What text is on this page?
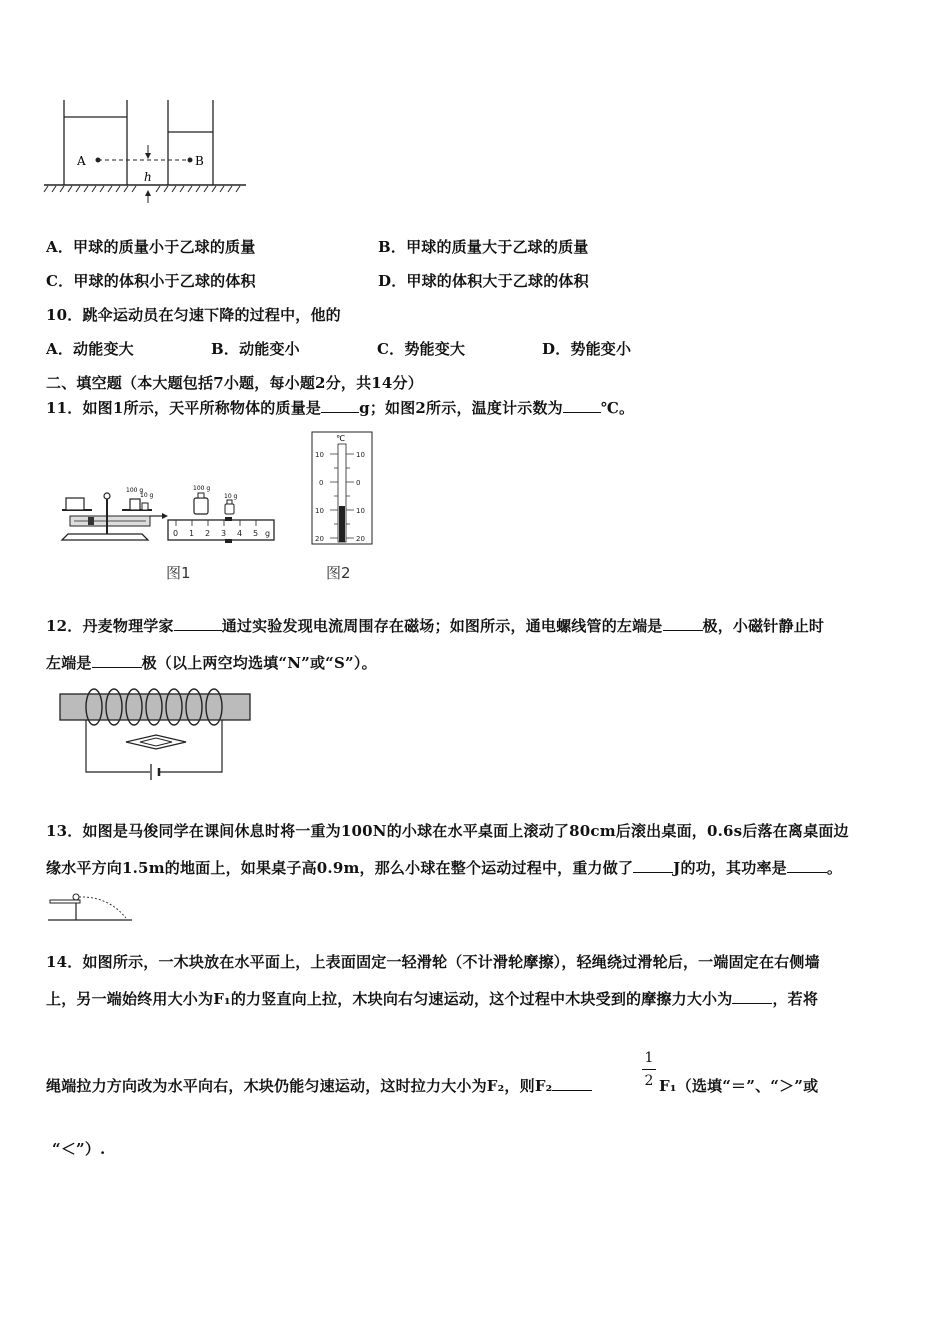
A	B
h
A．甲球的质量小于乙球的质量	B．甲球的质量大于乙球的质量
C．甲球的体积小于乙球的体积	D．甲球的体积大于乙球的体积
10．跳伞运动员在匀速下降的过程中，他的
A．动能变大	B．动能变小	C．势能变大	D．势能变小
二、填空题（本大题包括7小题，每小题2分，共14分）
11．如图1所示，天平所称物体的质量是	g；如图2所示，温度计示数为	℃。
100 g
10 g
100 g
10 g
0 1 2 3 4 5 g
图1
℃
10	10
0	0
10	10
20	20
图2
12．丹麦物理学家	通过实验发现电流周围存在磁场；如图所示，通电螺线管的左端是	极，小磁针静止时
左端是	极（以上两空均选填“N”或“S”）。
13．如图是马俊同学在课间休息时将一重为100N的小球在水平桌面上滚动了80cm后滚出桌面，0.6s后落在离桌面边
缘水平方向1.5m的地面上，如果桌子高0.9m，那么小球在整个运动过程中，重力做了	J的功，其功率是	。
14．如图所示，一木块放在水平面上，上表面固定一轻滑轮（不计滑轮摩擦），轻绳绕过滑轮后，一端固定在右侧墙
上，另一端始终用大小为F₁的力竖直向上拉，木块向右匀速运动，这个过程中木块受到的摩擦力大小为	，若将
1
2
绳端拉力方向改为水平向右，木块仍能匀速运动，这时拉力大小为F₂，则F₂	F₁（选填“＝”、“＞”或
“＜”）.
